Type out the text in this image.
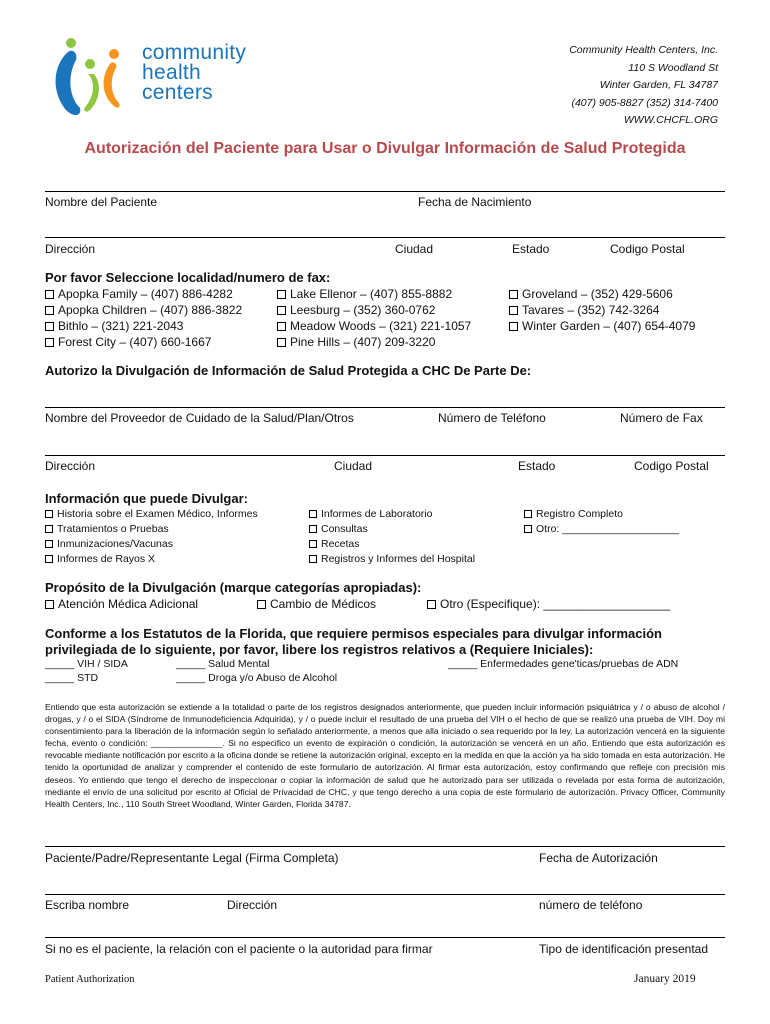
community
health
centers
Community Health Centers, Inc.
110 S Woodland St
Winter Garden, FL 34787
(407) 905-8827 (352) 314-7400
WWW.CHCFL.ORG
Autorización del Paciente para Usar o Divulgar Información de Salud Protegida
Nombre del Paciente	Fecha de Nacimiento
Dirección	Ciudad	Estado	Codigo Postal
Por favor Seleccione localidad/numero de fax:
Apopka Family – (407) 886-4282
Apopka Children – (407) 886-3822
Bithlo – (321) 221-2043
Forest City – (407) 660-1667
Lake Ellenor – (407) 855-8882
Leesburg – (352) 360-0762
Meadow Woods – (321) 221-1057
Pine Hills – (407) 209-3220
Groveland – (352) 429-5606
Tavares – (352) 742-3264
Winter Garden – (407) 654-4079
Autorizo la Divulgación de Información de Salud Protegida a CHC De Parte De:
Nombre del Proveedor de Cuidado de la Salud/Plan/Otros	Número de Teléfono	Número de Fax
Dirección	Ciudad	Estado	Codigo Postal
Información que puede Divulgar:
Historia sobre el Examen Médico, Informes
Tratamientos o Pruebas
Inmunizaciones/Vacunas
Informes de Rayos X
Informes de Laboratorio
Consultas
Recetas
Registros y Informes del Hospital
Registro Completo
Otro: ____________________
Propósito de la Divulgación (marque categorías apropiadas):
Atención Médica Adicional	Cambio de Médicos	Otro (Especifique): ___________________
Conforme a los Estatutos de la Florida, que requiere permisos especiales para divulgar información
privilegiada de lo siguiente, por favor, libere los registros relativos a (Requiere Iniciales):
_____ VIH / SIDA
_____ STD
_____ Salud Mental
_____ Droga y/o Abuso de Alcohol
_____ Enfermedades gene'ticas/pruebas de ADN
Entiendo que esta autorización se extiende a la totalidad o parte de los registros designados anteriormente, que pueden incluir información psiquiátrica y / o abuso de alcohol / drogas, y / o el SIDA (Síndrome de Inmunodeficiencia Adquirida), y / o puede incluir el resultado de una prueba del VIH o el hecho de que se realizó una prueba de VIH. Doy mi consentimiento para la liberación de la información según lo señalado anteriormente, a menos que alla iniciado o sea requerido por la ley. La autorización vencerá en la siguiente fecha, evento o condición: _______________. Si no especifico un evento de expiración o condición, la autorización se vencerá en un año. Entiendo que esta autorización es revocable mediante notificación por escrito a la oficina donde se retiene la autorización original, excepto en la medida en que la acción ya ha sido tomada en esta autorización. He tenido la oportunidad de analizar y comprender el contenido de este formulario de autorización. Al firmar esta autorización, estoy confirmando que refleje con precisión mis deseos. Yo entiendo que tengo el derecho de inspeccionar o copiar la información de salud que he autorizado para ser utilizada o revelada por esta forma de autorización, mediante el envío de una solicitud por escrito al Oficial de Privacidad de CHC, y que tengo derecho a una copia de este formulario de autorización. Privacy Officer, Community Health Centers, Inc., 110 South Street Woodland, Winter Garden, Florida 34787.
Paciente/Padre/Representante Legal (Firma Completa)	Fecha de Autorización
Escriba nombre	Dirección	número de teléfono
Si no es el paciente, la relación con el paciente o la autoridad para firmar	Tipo de identificación presentad
Patient Authorization	January 2019
